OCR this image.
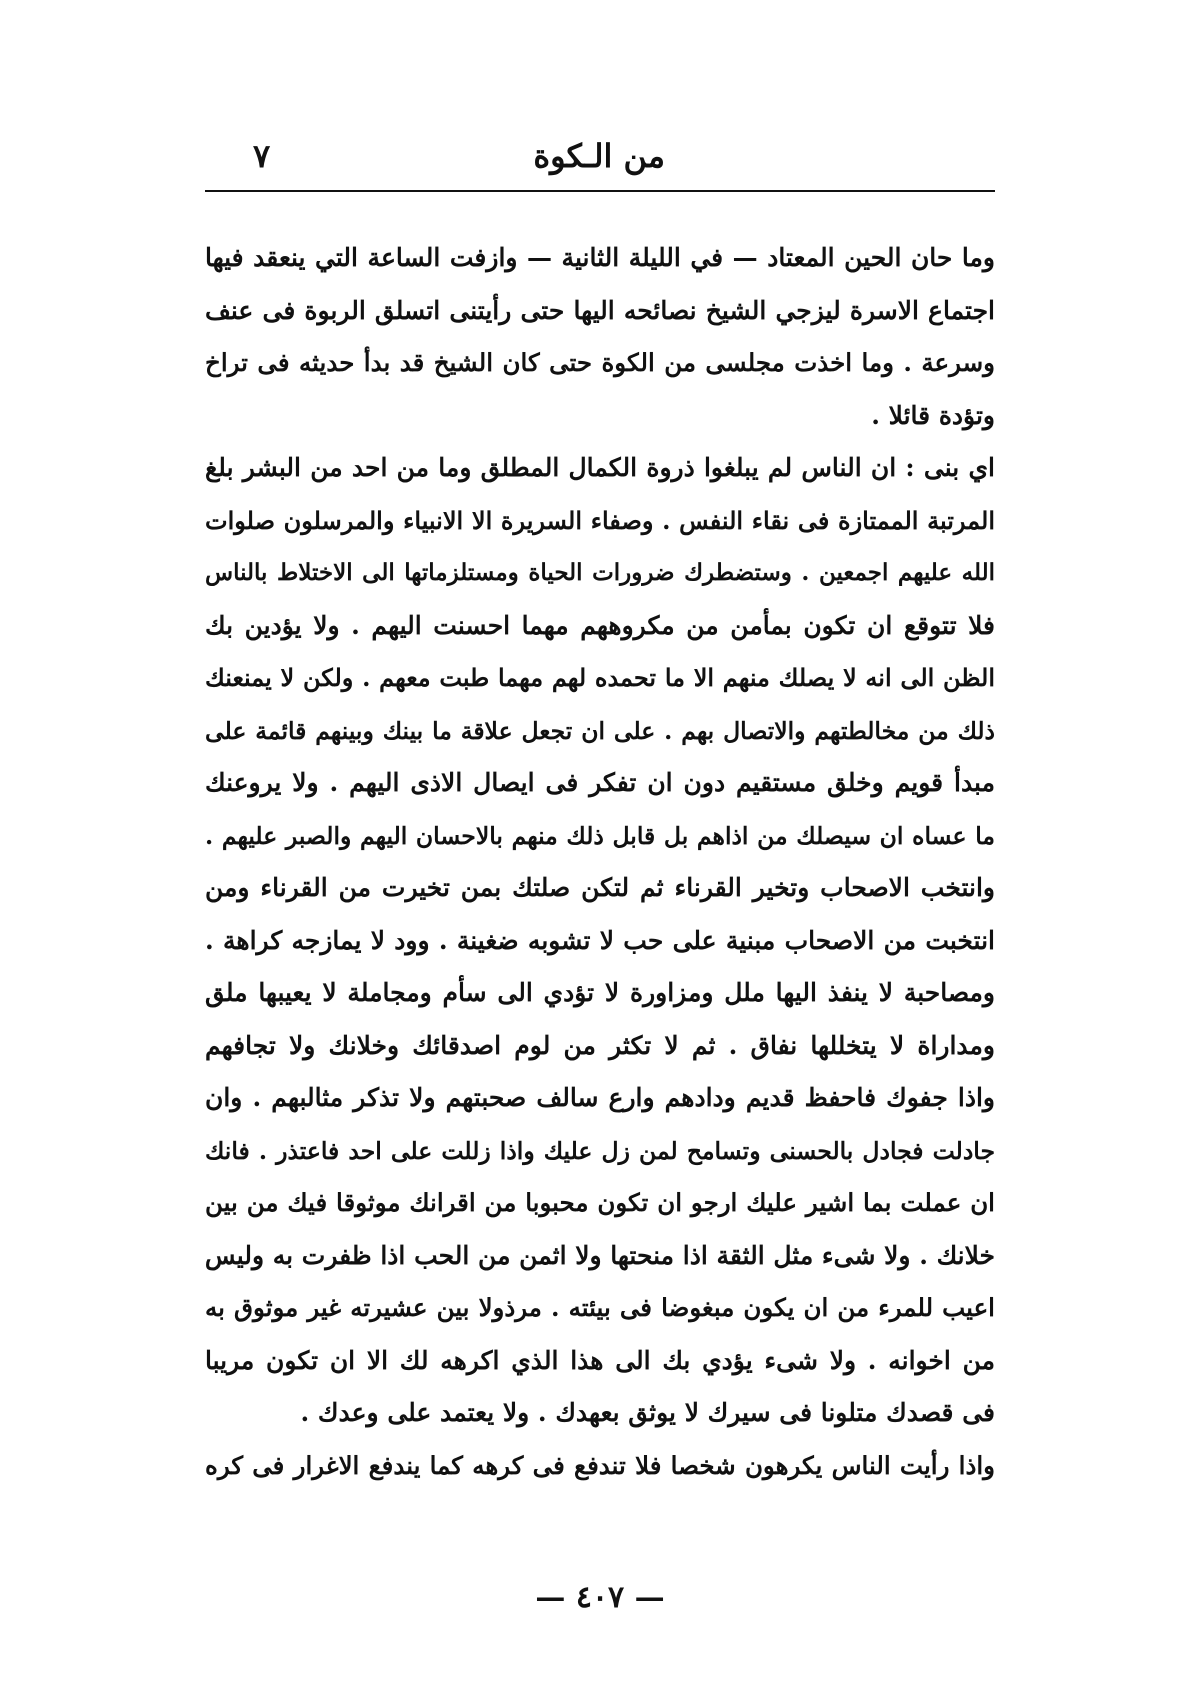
من الـكوة
٧
وما حان الحين المعتاد — في الليلة الثانية — وازفت الساعة التي ينعقد فيها
اجتماع الاسرة ليزجي الشيخ نصائحه اليها حتى رأيتنى اتسلق الربوة فى عنف
وسرعة . وما اخذت مجلسى من الكوة حتى كان الشيخ قد بدأ حديثه فى تراخ
وتؤدة قائلا .
اي بنى : ان الناس لم يبلغوا ذروة الكمال المطلق وما من احد من البشر بلغ
المرتبة الممتازة فى نقاء النفس . وصفاء السريرة الا الانبياء والمرسلون صلوات
الله عليهم اجمعين . وستضطرك ضرورات الحياة ومستلزماتها الى الاختلاط بالناس
فلا تتوقع ان تكون بمأمن من مكروههم مهما احسنت اليهم . ولا يؤدين بك
الظن الى انه لا يصلك منهم الا ما تحمده لهم مهما طبت معهم . ولكن لا يمنعنك
ذلك من مخالطتهم والاتصال بهم . على ان تجعل علاقة ما بينك وبينهم قائمة على
مبدأ قويم وخلق مستقيم دون ان تفكر فى ايصال الاذى اليهم . ولا يروعنك
ما عساه ان سيصلك من اذاهم بل قابل ذلك منهم بالاحسان اليهم والصبر عليهم .
وانتخب الاصحاب وتخير القرناء ثم لتكن صلتك بمن تخيرت من القرناء ومن
انتخبت من الاصحاب مبنية على حب لا تشوبه ضغينة . وود لا يمازجه كراهة .
ومصاحبة لا ينفذ اليها ملل ومزاورة لا تؤدي الى سأم ومجاملة لا يعيبها ملق
ومداراة لا يتخللها نفاق . ثم لا تكثر من لوم اصدقائك وخلانك ولا تجافهم
واذا جفوك فاحفظ قديم ودادهم وارع سالف صحبتهم ولا تذكر مثالبهم . وان
جادلت فجادل بالحسنى وتسامح لمن زل عليك واذا زللت على احد فاعتذر . فانك
ان عملت بما اشير عليك ارجو ان تكون محبوبا من اقرانك موثوقا فيك من بين
خلانك . ولا شىء مثل الثقة اذا منحتها ولا اثمن من الحب اذا ظفرت به وليس
اعيب للمرء من ان يكون مبغوضا فى بيئته . مرذولا بين عشيرته غير موثوق به
من اخوانه . ولا شىء يؤدي بك الى هذا الذي اكرهه لك الا ان تكون مريبا
فى قصدك متلونا فى سيرك لا يوثق بعهدك . ولا يعتمد على وعدك .
واذا رأيت الناس يكرهون شخصا فلا تندفع فى كرهه كما يندفع الاغرار فى كره
— ٤٠٧ —
